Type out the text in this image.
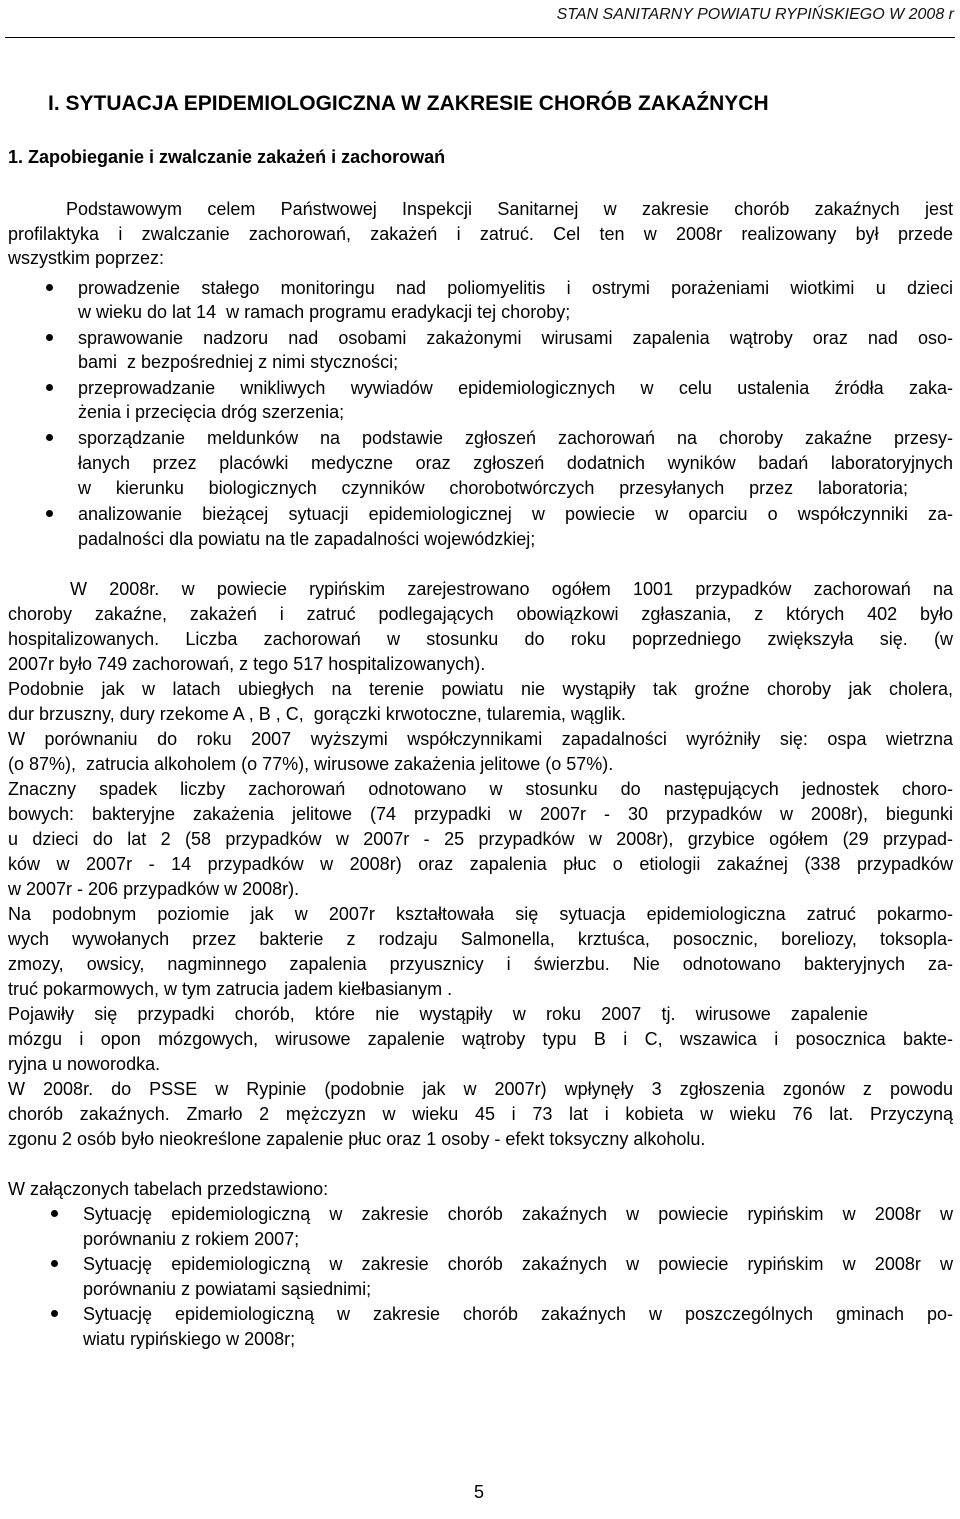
STAN SANITARNY POWIATU RYPIŃSKIEGO W 2008 r
I. SYTUACJA EPIDEMIOLOGICZNA W ZAKRESIE CHORÓB ZAKAŹNYCH
1. Zapobieganie i zwalczanie zakażeń i zachorowań
Podstawowym celem Państwowej Inspekcji Sanitarnej w zakresie chorób zakaźnych jest
profilaktyka i zwalczanie zachorowań, zakażeń i zatruć. Cel ten w 2008r realizowany był przede
wszystkim poprzez:
prowadzenie stałego monitoringu nad poliomyelitis i ostrymi porażeniami wiotkimi u dzieci
w wieku do lat 14  w ramach programu eradykacji tej choroby;
sprawowanie nadzoru nad osobami zakażonymi wirusami zapalenia wątroby oraz nad oso-
bami  z bezpośredniej z nimi styczności;
przeprowadzanie wnikliwych wywiadów epidemiologicznych w celu ustalenia źródła zaka-
żenia i przecięcia dróg szerzenia;
sporządzanie meldunków na podstawie zgłoszeń zachorowań na choroby zakaźne przesy-
łanych przez placówki medyczne oraz zgłoszeń dodatnich wyników badań laboratoryjnych
w kierunku biologicznych czynników chorobotwórczych przesyłanych przez laboratoria;
analizowanie bieżącej sytuacji epidemiologicznej w powiecie w oparciu o współczynniki za-
padalności dla powiatu na tle zapadalności wojewódzkiej;
W 2008r. w powiecie rypińskim zarejestrowano ogółem 1001 przypadków zachorowań na
choroby zakaźne, zakażeń i zatruć podlegających obowiązkowi zgłaszania, z których 402 było
hospitalizowanych. Liczba zachorowań w stosunku do roku poprzedniego zwiększyła się. (w
2007r było 749 zachorowań, z tego 517 hospitalizowanych).
Podobnie jak w latach ubiegłych na terenie powiatu nie wystąpiły tak groźne choroby jak cholera,
dur brzuszny, dury rzekome A , B , C,  gorączki krwotoczne, tularemia, wąglik.
W porównaniu do roku 2007 wyższymi współczynnikami zapadalności wyróżniły się: ospa wietrzna
(o 87%),  zatrucia alkoholem (o 77%), wirusowe zakażenia jelitowe (o 57%).
Znaczny spadek liczby zachorowań odnotowano w stosunku do następujących jednostek choro-
bowych: bakteryjne zakażenia jelitowe (74 przypadki w 2007r - 30 przypadków w 2008r), biegunki
u dzieci do lat 2 (58 przypadków w 2007r - 25 przypadków w 2008r), grzybice ogółem (29 przypad-
ków w 2007r - 14 przypadków w 2008r) oraz zapalenia płuc o etiologii zakaźnej (338 przypadków
w 2007r - 206 przypadków w 2008r).
Na podobnym poziomie jak w 2007r kształtowała się sytuacja epidemiologiczna zatruć pokarmo-
wych wywołanych przez bakterie z rodzaju Salmonella, krztuśca, posocznic, boreliozy, toksopla-
zmozy, owsicy, nagminnego zapalenia przyusznicy i świerzbu. Nie odnotowano bakteryjnych za-
truć pokarmowych, w tym zatrucia jadem kiełbasianym .
Pojawiły się przypadki chorób, które nie wystąpiły w roku 2007 tj. wirusowe zapalenie
mózgu i opon mózgowych, wirusowe zapalenie wątroby typu B i C, wszawica i posocznica bakte-
ryjna u noworodka.
W 2008r. do PSSE w Rypinie (podobnie jak w 2007r) wpłynęły 3 zgłoszenia zgonów z powodu
chorób zakaźnych. Zmarło 2 mężczyzn w wieku 45 i 73 lat i kobieta w wieku 76 lat. Przyczyną
zgonu 2 osób było nieokreślone zapalenie płuc oraz 1 osoby - efekt toksyczny alkoholu.
W załączonych tabelach przedstawiono:
Sytuację epidemiologiczną w zakresie chorób zakaźnych w powiecie rypińskim w 2008r w
porównaniu z rokiem 2007;
Sytuację epidemiologiczną w zakresie chorób zakaźnych w powiecie rypińskim w 2008r w
porównaniu z powiatami sąsiednimi;
Sytuację epidemiologiczną w zakresie chorób zakaźnych w poszczególnych gminach po-
wiatu rypińskiego w 2008r;
5
